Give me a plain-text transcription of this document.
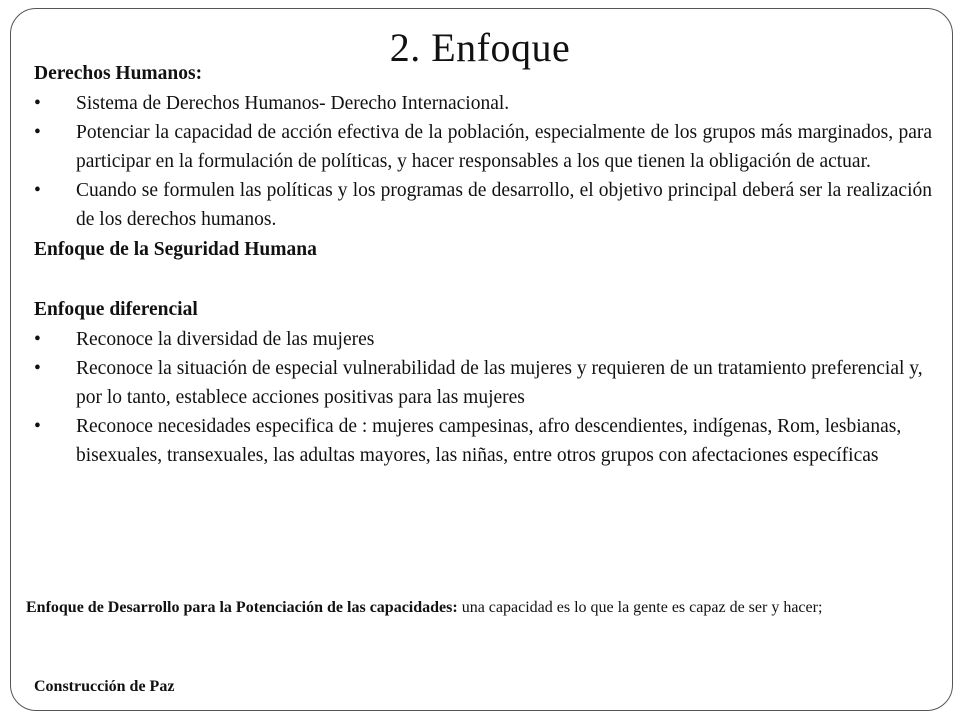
2. Enfoque

Derechos Humanos:

• Sistema de Derechos Humanos- Derecho Internacional.
• Potenciar la capacidad de acción efectiva de la población, especialmente de los grupos más marginados, para participar en la formulación de políticas, y hacer responsables a los que tienen la obligación de actuar.
• Cuando se formulen las políticas y los programas de desarrollo, el objetivo principal deberá ser la realización de los derechos humanos.

Enfoque de la Seguridad Humana

Enfoque diferencial

• Reconoce la diversidad de las mujeres
• Reconoce la situación de especial vulnerabilidad de las mujeres y requieren de un tratamiento preferencial y, por lo tanto, establece acciones positivas para las mujeres
• Reconoce necesidades especifica de : mujeres campesinas, afro descendientes, indígenas, Rom, lesbianas, bisexuales, transexuales, las adultas mayores, las niñas, entre otros grupos con afectaciones específicas

Enfoque de Desarrollo para la Potenciación de las capacidades: una capacidad es lo que la gente es capaz de ser y hacer;

Construcción de Paz
